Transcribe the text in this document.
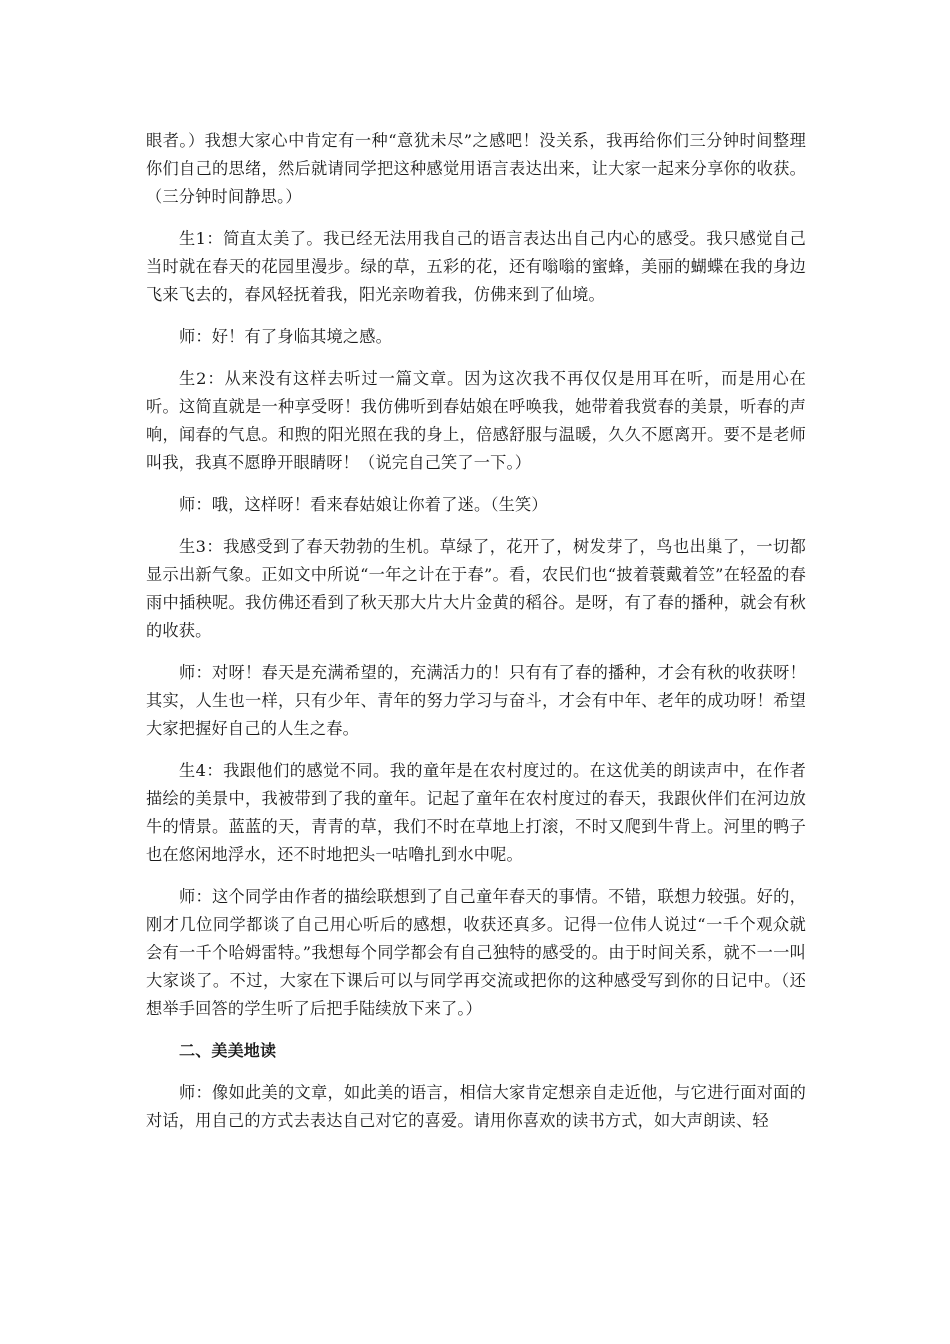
眼者。）我想大家心中肯定有一种“意犹未尽”之感吧！没关系，我再给你们三分钟时间整理你们自己的思绪，然后就请同学把这种感觉用语言表达出来，让大家一起来分享你的收获。（三分钟时间静思。）

生1：简直太美了。我已经无法用我自己的语言表达出自己内心的感受。我只感觉自己当时就在春天的花园里漫步。绿的草，五彩的花，还有嗡嗡的蜜蜂，美丽的蝴蝶在我的身边飞来飞去的，春风轻抚着我，阳光亲吻着我，仿佛来到了仙境。

师：好！有了身临其境之感。

生2：从来没有这样去听过一篇文章。因为这次我不再仅仅是用耳在听，而是用心在听。这简直就是一种享受呀！我仿佛听到春姑娘在呼唤我，她带着我赏春的美景，听春的声响，闻春的气息。和煦的阳光照在我的身上，倍感舒服与温暖，久久不愿离开。要不是老师叫我，我真不愿睁开眼睛呀！（说完自己笑了一下。）

师：哦，这样呀！看来春姑娘让你着了迷。（生笑）

生3：我感受到了春天勃勃的生机。草绿了，花开了，树发芽了，鸟也出巢了，一切都显示出新气象。正如文中所说“一年之计在于春”。看，农民们也“披着蓑戴着笠”在轻盈的春雨中插秧呢。我仿佛还看到了秋天那大片大片金黄的稻谷。是呀，有了春的播种，就会有秋的收获。

师：对呀！春天是充满希望的，充满活力的！只有有了春的播种，才会有秋的收获呀！其实，人生也一样，只有少年、青年的努力学习与奋斗，才会有中年、老年的成功呀！希望大家把握好自己的人生之春。

生4：我跟他们的感觉不同。我的童年是在农村度过的。在这优美的朗读声中，在作者描绘的美景中，我被带到了我的童年。记起了童年在农村度过的春天，我跟伙伴们在河边放牛的情景。蓝蓝的天，青青的草，我们不时在草地上打滚，不时又爬到牛背上。河里的鸭子也在悠闲地浮水，还不时地把头一咕噜扎到水中呢。

师：这个同学由作者的描绘联想到了自己童年春天的事情。不错，联想力较强。好的，刚才几位同学都谈了自己用心听后的感想，收获还真多。记得一位伟人说过“一千个观众就会有一千个哈姆雷特。”我想每个同学都会有自己独特的感受的。由于时间关系，就不一一叫大家谈了。不过，大家在下课后可以与同学再交流或把你的这种感受写到你的日记中。（还想举手回答的学生听了后把手陆续放下来了。）

二、美美地读

师：像如此美的文章，如此美的语言，相信大家肯定想亲自走近他，与它进行面对面的对话，用自己的方式去表达自己对它的喜爱。请用你喜欢的读书方式，如大声朗读、轻
